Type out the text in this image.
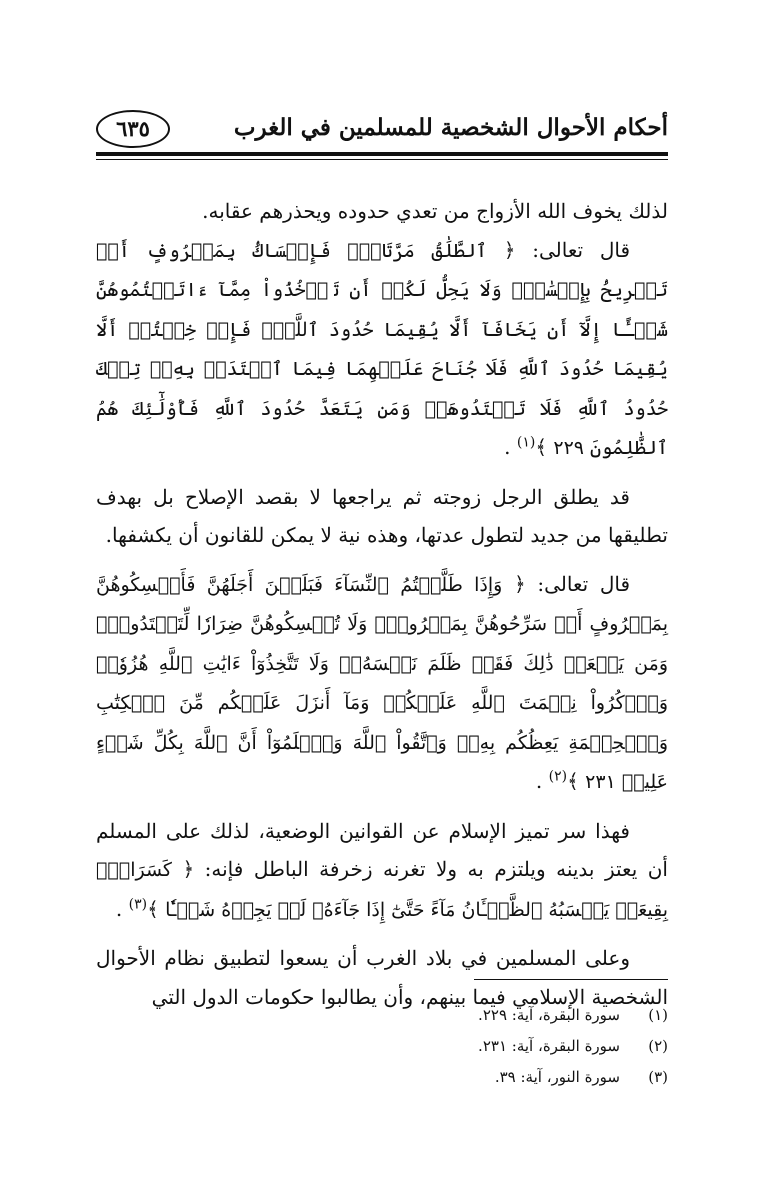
أحكام الأحوال الشخصية للمسلمين في الغرب
٦٣٥

لذلك يخوف الله الأزواج من تعدي حدوده ويحذرهم عقابه.

قال تعالى: ﴿ ٱلطَّلَٰقُ مَرَّتَانِۖ فَإِمۡسَاكُۢ بِمَعۡرُوفٍ أَوۡ تَسۡرِيحُۢ بِإِحۡسَٰنٖۗ وَلَا يَحِلُّ لَكُمۡ أَن تَأۡخُذُواْ مِمَّآ ءَاتَيۡتُمُوهُنَّ شَيۡـًٔا إِلَّآ أَن يَخَافَآ أَلَّا يُقِيمَا حُدُودَ ٱللَّهِۖ فَإِنۡ خِفۡتُمۡ أَلَّا يُقِيمَا حُدُودَ ٱللَّهِ فَلَا جُنَاحَ عَلَيۡهِمَا فِيمَا ٱفۡتَدَتۡ بِهِۦۗ تِلۡكَ حُدُودُ ٱللَّهِ فَلَا تَعۡتَدُوهَاۚ وَمَن يَتَعَدَّ حُدُودَ ٱللَّهِ فَأُوْلَٰٓئِكَ هُمُ ٱلظَّٰلِمُونَ ٢٢٩ ﴾$^{(١)}$ .

قد يطلق الرجل زوجته ثم يراجعها لا بقصد الإصلاح بل بهدف تطليقها من جديد لتطول عدتها، وهذه نية لا يمكن للقانون أن يكشفها.

قال تعالى: ﴿ وَإِذَا طَلَّقۡتُمُ ٱلنِّسَآءَ فَبَلَغۡنَ أَجَلَهُنَّ فَأَمۡسِكُوهُنَّ بِمَعۡرُوفٍ أَوۡ سَرِّحُوهُنَّ بِمَعۡرُوفٖۚ وَلَا تُمۡسِكُوهُنَّ ضِرَارٗا لِّتَعۡتَدُواْۚ وَمَن يَفۡعَلۡ ذَٰلِكَ فَقَدۡ ظَلَمَ نَفۡسَهُۥۚ وَلَا تَتَّخِذُوٓاْ ءَايَٰتِ ٱللَّهِ هُزُوٗاۚ وَٱذۡكُرُواْ نِعۡمَتَ ٱللَّهِ عَلَيۡكُمۡ وَمَآ أَنزَلَ عَلَيۡكُم مِّنَ ٱلۡكِتَٰبِ وَٱلۡحِكۡمَةِ يَعِظُكُم بِهِۦۚ وَٱتَّقُواْ ٱللَّهَ وَٱعۡلَمُوٓاْ أَنَّ ٱللَّهَ بِكُلِّ شَيۡءٍ عَلِيمٞ ٢٣١ ﴾$^{(٢)}$ .

فهذا سر تميز الإسلام عن القوانين الوضعية، لذلك على المسلم أن يعتز بدينه ويلتزم به ولا تغرنه زخرفة الباطل فإنه: ﴿ كَسَرَابِۭ بِقِيعَةٖ يَحۡسَبُهُ ٱلظَّمۡـَٔانُ مَآءً حَتَّىٰٓ إِذَا جَآءَهُۥ لَمۡ يَجِدۡهُ شَيۡـٔٗا ﴾$^{(٣)}$ .

وعلى المسلمين في بلاد الغرب أن يسعوا لتطبيق نظام الأحوال الشخصية الإسلامي فيما بينهم، وأن يطالبوا حكومات الدول التي

(١)
سورة البقرة، آية: ٢٢٩.
(٢)
سورة البقرة، آية: ٢٣١.
(٣)
سورة النور، آية: ٣٩.
